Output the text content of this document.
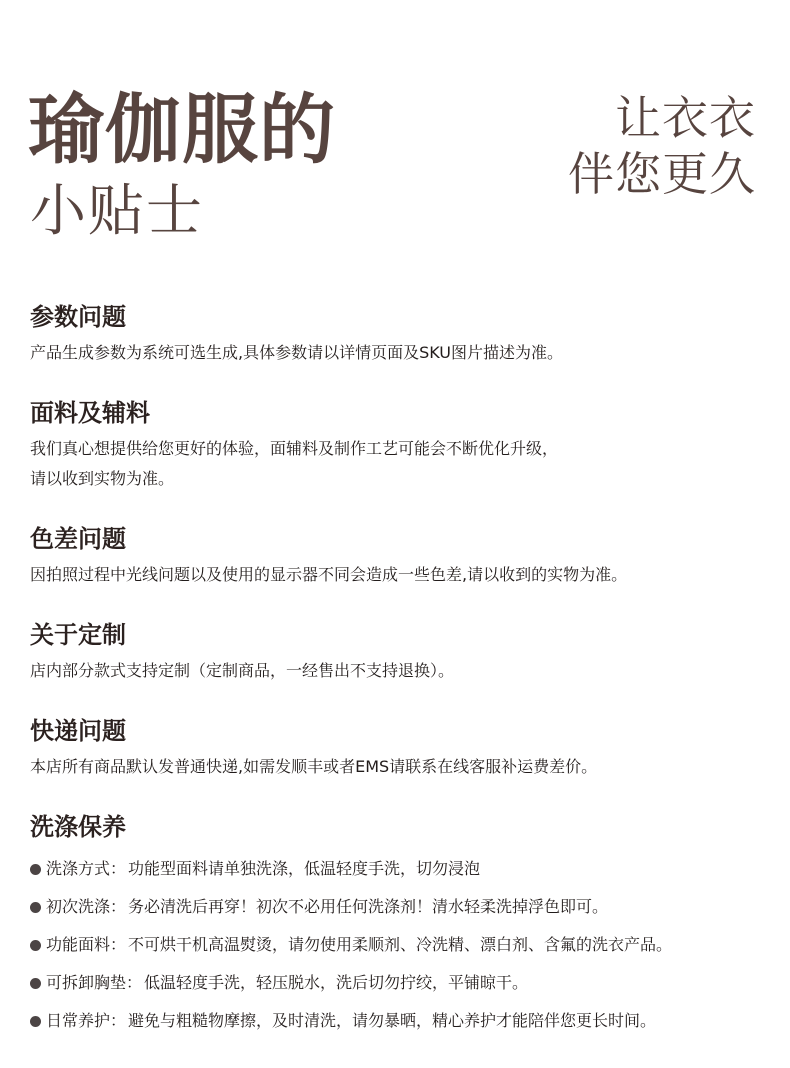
瑜伽服的
小贴士
让衣衣
伴您更久
参数问题
产品生成参数为系统可选生成,具体参数请以详情页面及SKU图片描述为准。
面料及辅料
我们真心想提供给您更好的体验，面辅料及制作工艺可能会不断优化升级，
请以收到实物为准。
色差问题
因拍照过程中光线问题以及使用的显示器不同会造成一些色差,请以收到的实物为准。
关于定制
店内部分款式支持定制（定制商品，一经售出不支持退换）。
快递问题
本店所有商品默认发普通快递,如需发顺丰或者EMS请联系在线客服补运费差价。
洗涤保养
洗涤方式： 功能型面料请单独洗涤，低温轻度手洗，切勿浸泡
初次洗涤： 务必清洗后再穿！初次不必用任何洗涤剂！清水轻柔洗掉浮色即可。
功能面料： 不可烘干机高温熨烫，请勿使用柔顺剂、冷洗精、漂白剂、含氟的洗衣产品。
可拆卸胸垫： 低温轻度手洗，轻压脱水，洗后切勿拧绞，平铺晾干。
日常养护： 避免与粗糙物摩擦，及时清洗，请勿暴晒，精心养护才能陪伴您更长时间。
